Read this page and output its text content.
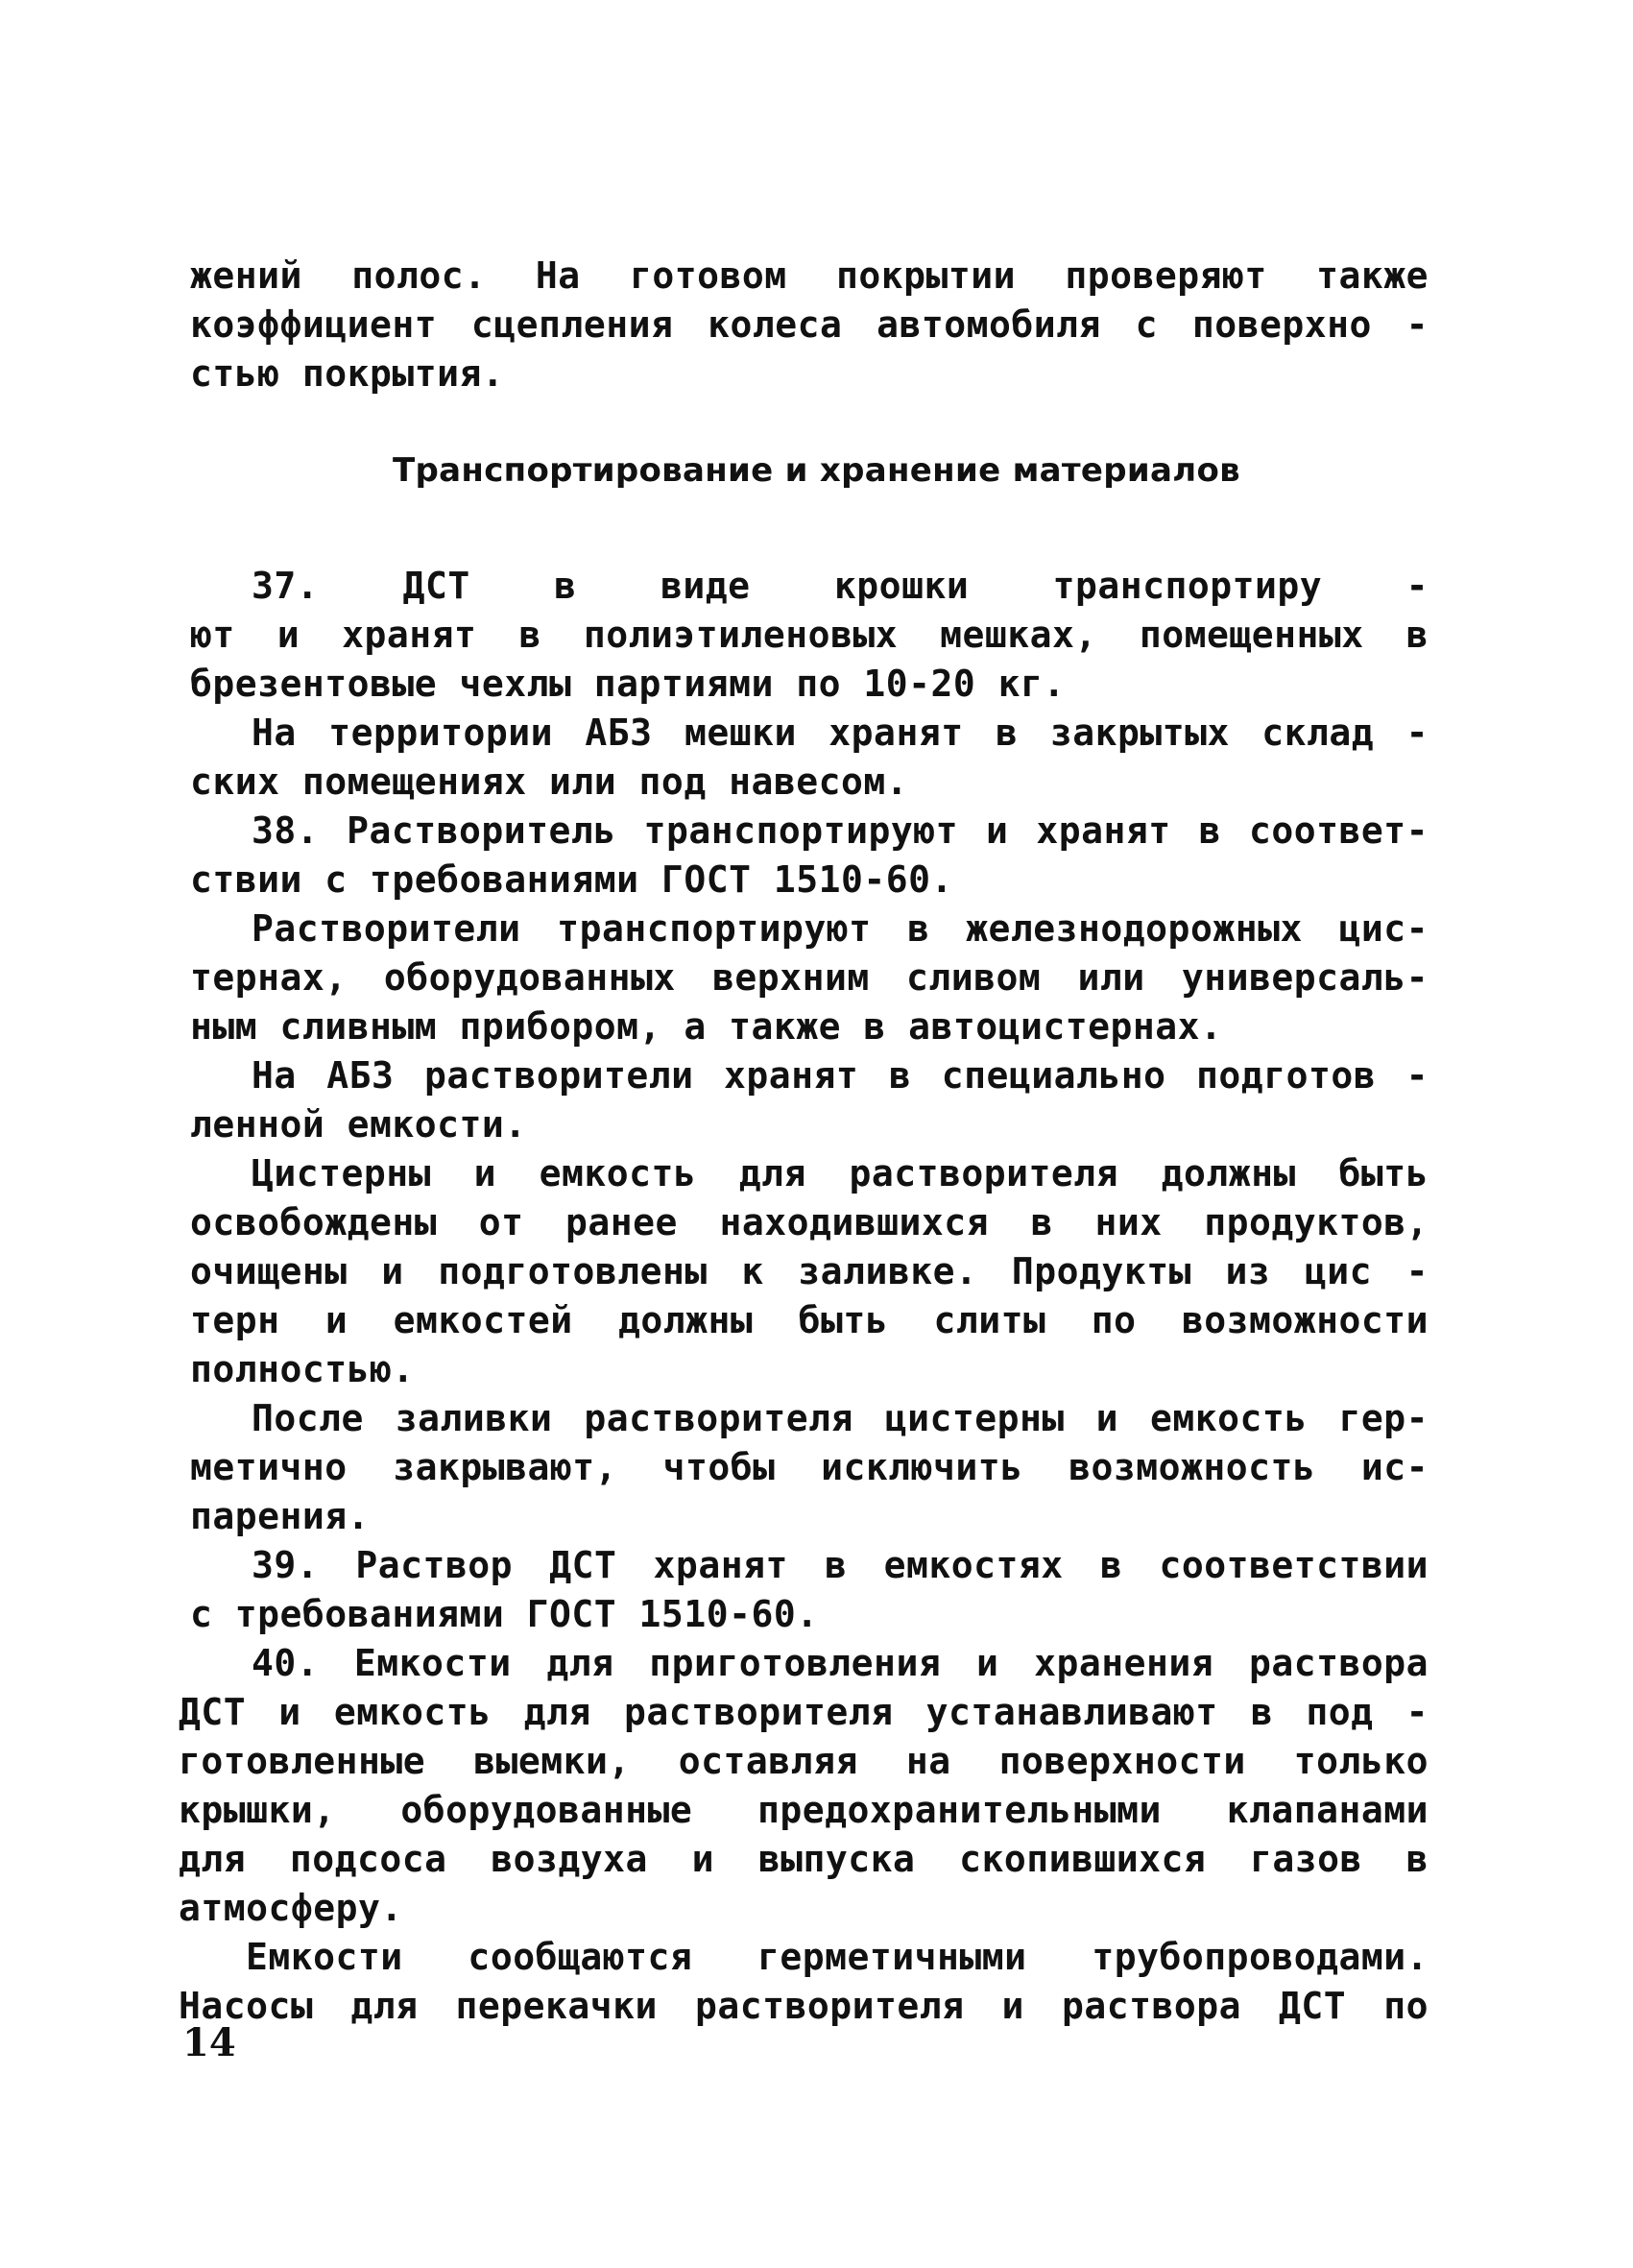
жений полос. На готовом покрытии проверяют также
коэффициент сцепления колеса автомобиля с поверхно -
стью покрытия.
Транспортирование и хранение материалов
37. ДСТ в виде крошки транспортиру -
ют и хранят в полиэтиленовых мешках, помещенных в
брезентовые чехлы партиями по 10-20 кг.
На территории АБЗ мешки хранят в закрытых склад -
ских помещениях или под навесом.
38. Растворитель транспортируют и хранят в соответ-
ствии с требованиями ГОСТ 1510-60.
Растворители транспортируют в железнодорожных цис-
тернах, оборудованных верхним сливом или универсаль-
ным сливным прибором, а также в автоцистернах.
На АБЗ растворители хранят в специально подготов -
ленной емкости.
Цистерны и емкость для растворителя должны быть
освобождены от ранее находившихся в них продуктов,
очищены и подготовлены к заливке. Продукты из цис -
терн и емкостей должны быть слиты по возможности
полностью.
После заливки растворителя цистерны и емкость гер-
метично закрывают, чтобы исключить возможность ис-
парения.
39. Раствор ДСТ хранят в емкостях в соответствии
с требованиями ГОСТ 1510-60.
40. Емкости для приготовления и хранения раствора
ДСТ и емкость для растворителя устанавливают в под -
готовленные выемки, оставляя на поверхности только
крышки, оборудованные предохранительными клапанами
для подсоса воздуха и выпуска скопившихся газов в
атмосферу.
Емкости сообщаются герметичными трубопроводами.
Насосы для перекачки растворителя и раствора ДСТ по
14
